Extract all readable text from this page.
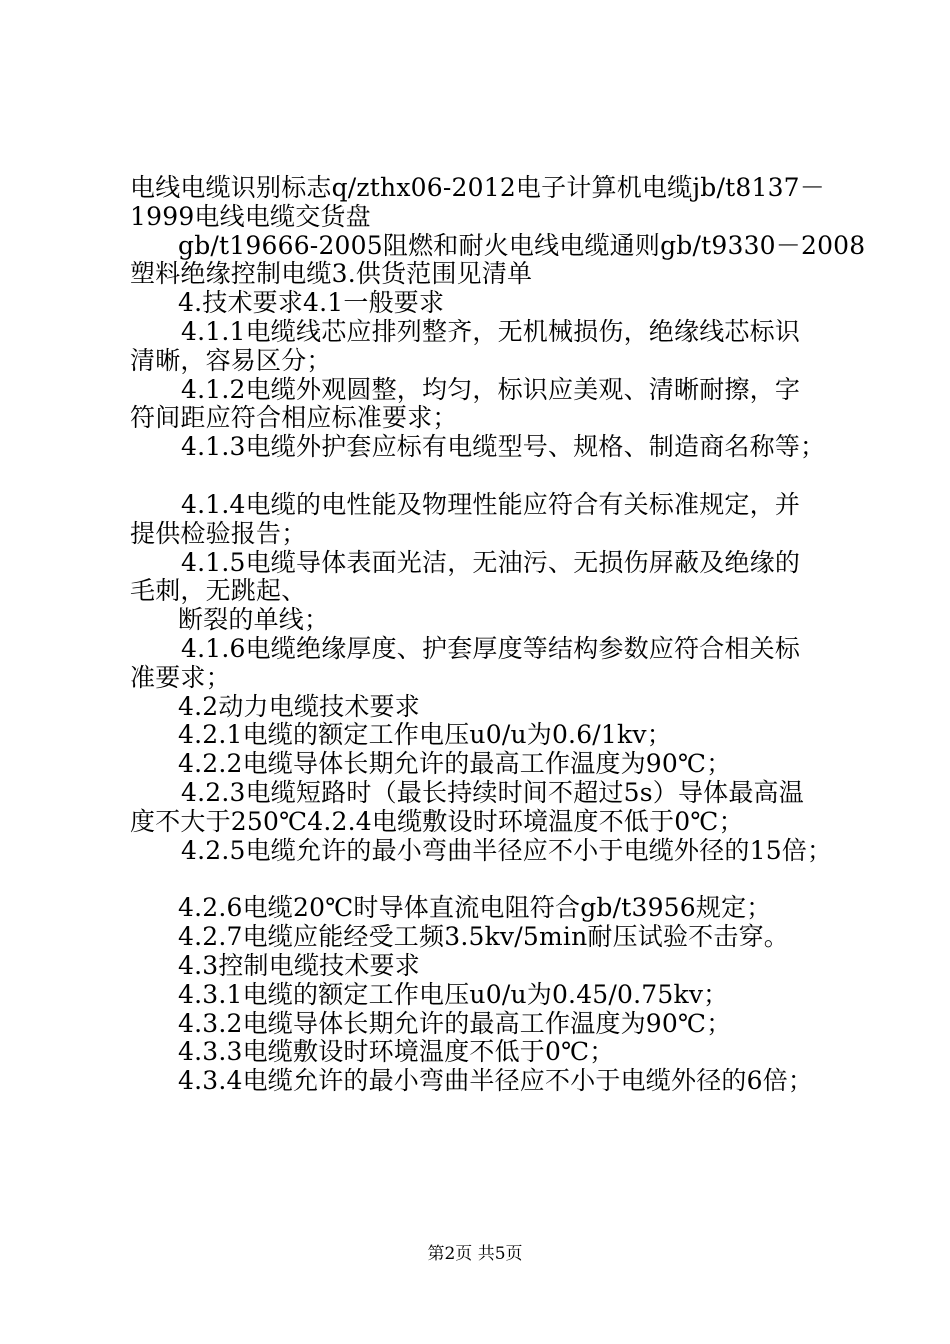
电线电缆识别标志q/zthx06-2012电子计算机电缆jb/t8137－
1999电线电缆交货盘
gb/t19666-2005阻燃和耐火电线电缆通则gb/t9330－2008
塑料绝缘控制电缆3.供货范围见清单
4.技术要求4.1一般要求
4.1.1电缆线芯应排列整齐，无机械损伤，绝缘线芯标识
清晰，容易区分；
4.1.2电缆外观圆整，均匀，标识应美观、清晰耐擦，字
符间距应符合相应标准要求；
4.1.3电缆外护套应标有电缆型号、规格、制造商名称等；
4.1.4电缆的电性能及物理性能应符合有关标准规定，并
提供检验报告；
4.1.5电缆导体表面光洁，无油污、无损伤屏蔽及绝缘的
毛刺，无跳起、
断裂的单线；
4.1.6电缆绝缘厚度、护套厚度等结构参数应符合相关标
准要求；
4.2动力电缆技术要求
4.2.1电缆的额定工作电压u0/u为0.6/1kv；
4.2.2电缆导体长期允许的最高工作温度为90℃；
4.2.3电缆短路时（最长持续时间不超过5s）导体最高温
度不大于250℃4.2.4电缆敷设时环境温度不低于0℃；
4.2.5电缆允许的最小弯曲半径应不小于电缆外径的15倍；
4.2.6电缆20℃时导体直流电阻符合gb/t3956规定；
4.2.7电缆应能经受工频3.5kv/5min耐压试验不击穿。
4.3控制电缆技术要求
4.3.1电缆的额定工作电压u0/u为0.45/0.75kv；
4.3.2电缆导体长期允许的最高工作温度为90℃；
4.3.3电缆敷设时环境温度不低于0℃；
4.3.4电缆允许的最小弯曲半径应不小于电缆外径的6倍；
第2页 共5页
